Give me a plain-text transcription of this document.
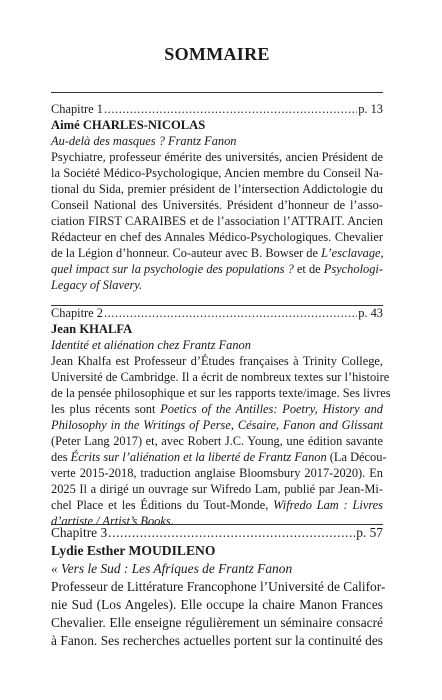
SOMMAIRE
Chapitre 1 .....	p. 13
Aimé CHARLES-NICOLAS
Au-delà des masques ? Frantz Fanon
Psychiatre, professeur émérite des universités, ancien Président de
la Société Médico-Psychologique, Ancien membre du Conseil Na-
tional du Sida, premier président de l’intersection Addictologie du
Conseil National des Universités. Président d’honneur de l’asso-
ciation FIRST CARAIBES et de l’association l’ATTRAIT. Ancien
Rédacteur en chef des Annales Médico-Psychologiques. Chevalier
de la Légion d’honneur. Co-auteur avec B. Bowser de L’esclavage,
quel impact sur la psychologie des populations ? et de Psychologi-
Legacy of Slavery.
Chapitre 2 .....	p. 43
Jean KHALFA
Identité et aliénation chez Frantz Fanon
Jean Khalfa est Professeur d’Études françaises à Trinity College,
Université de Cambridge. Il a écrit de nombreux textes sur l’histoire
de la pensée philosophique et sur les rapports texte/image. Ses livres
les plus récents sont Poetics of the Antilles: Poetry, History and
Philosophy in the Writings of Perse, Césaire, Fanon and Glissant
(Peter Lang 2017) et, avec Robert J.C. Young, une édition savante
des Écrits sur l’aliénation et la liberté de Frantz Fanon (La Décou-
verte 2015-2018, traduction anglaise Bloomsbury 2017-2020). En
2025 Il a dirigé un ouvrage sur Wifredo Lam, publié par Jean-Mi-
chel Place et les Éditions du Tout-Monde, Wifredo Lam : Livres
d’artiste / Artist’s Books.
Chapitre 3 .....	p. 57
Lydie Esther MOUDILENO
« Vers le Sud : Les Afriques de Frantz Fanon
Professeur de Littérature Francophone l’Université de Califor-
nie Sud (Los Angeles). Elle occupe la chaire Manon Frances
Chevalier. Elle enseigne régulièrement un séminaire consacré
à Fanon. Ses recherches actuelles portent sur la continuité des
